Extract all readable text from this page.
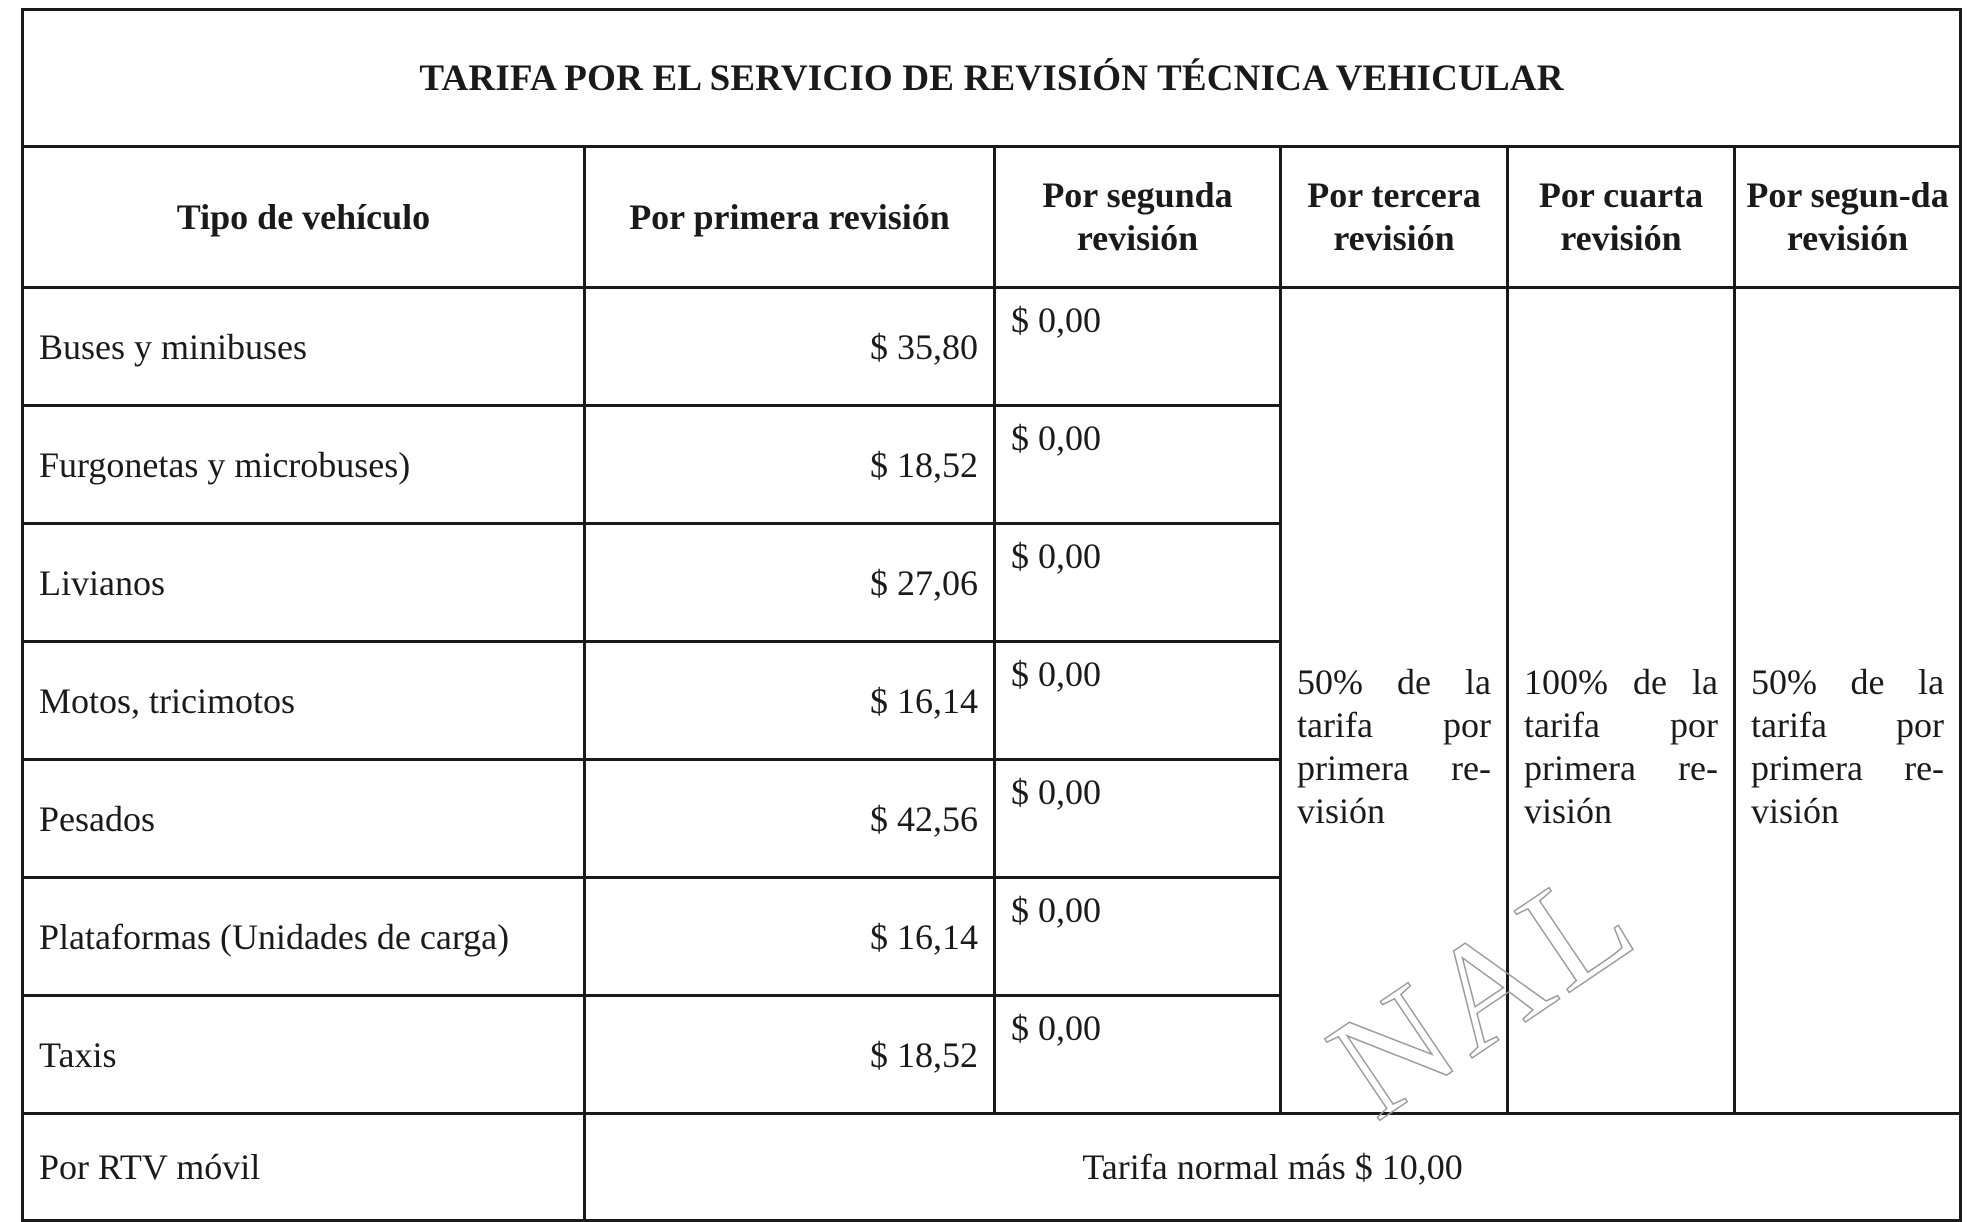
TARIFA POR EL SERVICIO DE REVISIÓN TÉCNICA VEHICULAR					
Tipo de vehículo	Por primera revisión	Por segunda revisión	Por tercera revisión	Por cuarta revisión	Por segun-da revisión
Buses y minibuses	$ 35,80	$ 0,00	50% de la tarifa por primera re-visión	100% de la tarifa por primera re-visión	50% de la tarifa por primera re-visión

Furgonetas y microbuses)	$ 18,52	$ 0,00			
Livianos	$ 27,06	$ 0,00			
Motos, tricimotos	$ 16,14	$ 0,00			
Pesados	$ 42,56	$ 0,00			
Plataformas (Unidades de carga)	$ 16,14	$ 0,00			
Taxis	$ 18,52	$ 0,00			
Por RTV móvil	Tarifa normal más $ 10,00				
NAL
